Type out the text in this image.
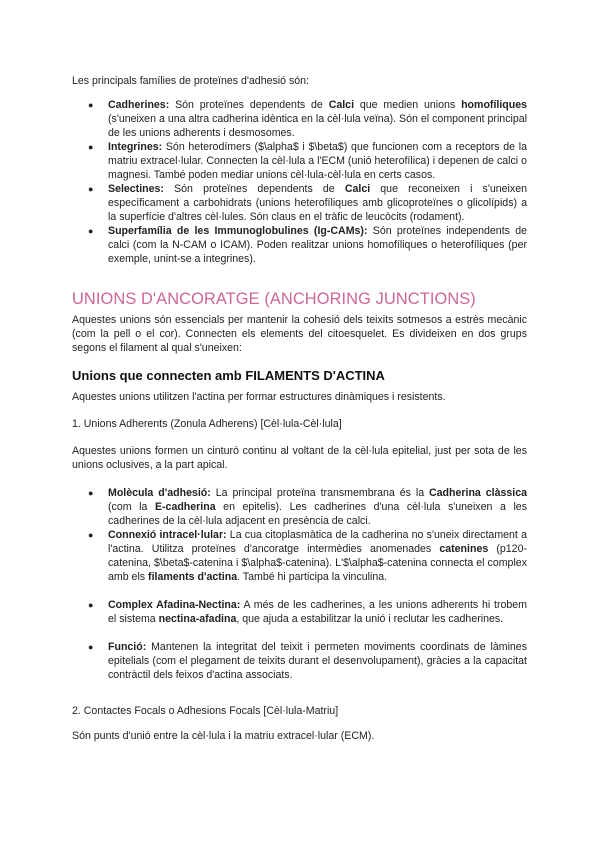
Les principals famílies de proteïnes d'adhesió són:

● Cadherines: Són proteïnes dependents de Calci que medien unions homofíliques (s'uneixen a una altra cadherina idèntica en la cèl·lula veïna). Són el component principal de les unions adherents i desmosomes.
● Integrines: Són heterodímers ($\alpha$ i $\beta$) que funcionen com a receptors de la matriu extracel·lular. Connecten la cèl·lula a l'ECM (unió heterofílica) i depenen de calci o magnesi. També poden mediar unions cèl·lula-cèl·lula en certs casos.
● Selectines: Són proteïnes dependents de Calci que reconeixen i s'uneixen específicament a carbohidrats (unions heterofíliques amb glicoproteïnes o glicolípids) a la superfície d'altres cèl·lules. Són claus en el tràfic de leucòcits (rodament).
● Superfamília de les Immunoglobulines (Ig-CAMs): Són proteïnes independents de calci (com la N-CAM o ICAM). Poden realitzar unions homofíliques o heterofíliques (per exemple, unint-se a integrines).
UNIONS D'ANCORATGE (ANCHORING JUNCTIONS)

Aquestes unions són essencials per mantenir la cohesió dels teixits sotmesos a estrès mecànic (com la pell o el cor). Connecten els elements del citoesquelet. Es divideixen en dos grups segons el filament al qual s'uneixen:

Unions que connecten amb FILAMENTS D'ACTINA

Aquestes unions utilitzen l'actina per formar estructures dinàmiques i resistents.

1. Unions Adherents (Zonula Adherens) [Cèl·lula-Cèl·lula]

Aquestes unions formen un cinturó continu al voltant de la cèl·lula epitelial, just per sota de les unions oclusives, a la part apical.

● Molècula d'adhesió: La principal proteïna transmembrana és la Cadherina clàssica (com la E-cadherina en epitelis). Les cadherines d'una cèl·lula s'uneixen a les cadherines de la cèl·lula adjacent en presència de calci.
● Connexió intracel·lular: La cua citoplasmàtica de la cadherina no s'uneix directament a l'actina. Utilitza proteïnes d'ancoratge intermèdies anomenades catenines (p120-catenina, $\beta$-catenina i $\alpha$-catenina). L'$\alpha$-catenina connecta el complex amb els filaments d'actina. També hi participa la vinculina.
● Complex Afadina-Nectina: A més de les cadherines, a les unions adherents hi trobem el sistema nectina-afadina, que ajuda a estabilitzar la unió i reclutar les cadherines.
● Funció: Mantenen la integritat del teixit i permeten moviments coordinats de làmines epitelials (com el plegament de teixits durant el desenvolupament), gràcies a la capacitat contràctil dels feixos d'actina associats.

2. Contactes Focals o Adhesions Focals [Cèl·lula-Matriu]

Són punts d'unió entre la cèl·lula i la matriu extracel·lular (ECM).
